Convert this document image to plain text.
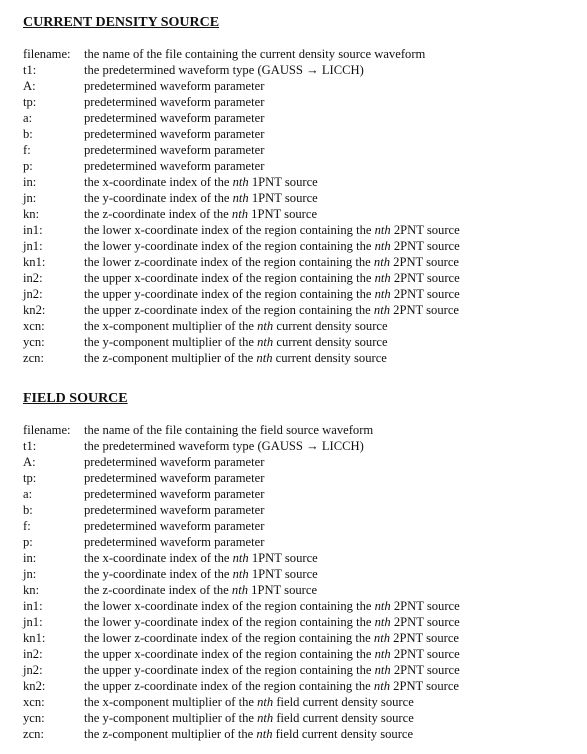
CURRENT DENSITY SOURCE
filename:	the name of the file containing the current density source waveform
t1:	the predetermined waveform type (GAUSS → LICCH)
A:	predetermined waveform parameter
tp:	predetermined waveform parameter
a:	predetermined waveform parameter
b:	predetermined waveform parameter
f:	predetermined waveform parameter
p:	predetermined waveform parameter
in:	the x-coordinate index of the nth 1PNT source
jn:	the y-coordinate index of the nth 1PNT source
kn:	the z-coordinate index of the nth 1PNT source
in1:	the lower x-coordinate index of the region containing the nth 2PNT source
jn1:	the lower y-coordinate index of the region containing the nth 2PNT source
kn1:	the lower z-coordinate index of the region containing the nth 2PNT source
in2:	the upper x-coordinate index of the region containing the nth 2PNT source
jn2:	the upper y-coordinate index of the region containing the nth 2PNT source
kn2:	the upper z-coordinate index of the region containing the nth 2PNT source
xcn:	the x-component multiplier of the nth current density source
ycn:	the y-component multiplier of the nth current density source
zcn:	the z-component multiplier of the nth current density source
FIELD SOURCE
filename:	the name of the file containing the field source waveform
t1:	the predetermined waveform type (GAUSS → LICCH)
A:	predetermined waveform parameter
tp:	predetermined waveform parameter
a:	predetermined waveform parameter
b:	predetermined waveform parameter
f:	predetermined waveform parameter
p:	predetermined waveform parameter
in:	the x-coordinate index of the nth 1PNT source
jn:	the y-coordinate index of the nth 1PNT source
kn:	the z-coordinate index of the nth 1PNT source
in1:	the lower x-coordinate index of the region containing the nth 2PNT source
jn1:	the lower y-coordinate index of the region containing the nth 2PNT source
kn1:	the lower z-coordinate index of the region containing the nth 2PNT source
in2:	the upper x-coordinate index of the region containing the nth 2PNT source
jn2:	the upper y-coordinate index of the region containing the nth 2PNT source
kn2:	the upper z-coordinate index of the region containing the nth 2PNT source
xcn:	the x-component multiplier of the nth field current density source
ycn:	the y-component multiplier of the nth field current density source
zcn:	the z-component multiplier of the nth field current density source
